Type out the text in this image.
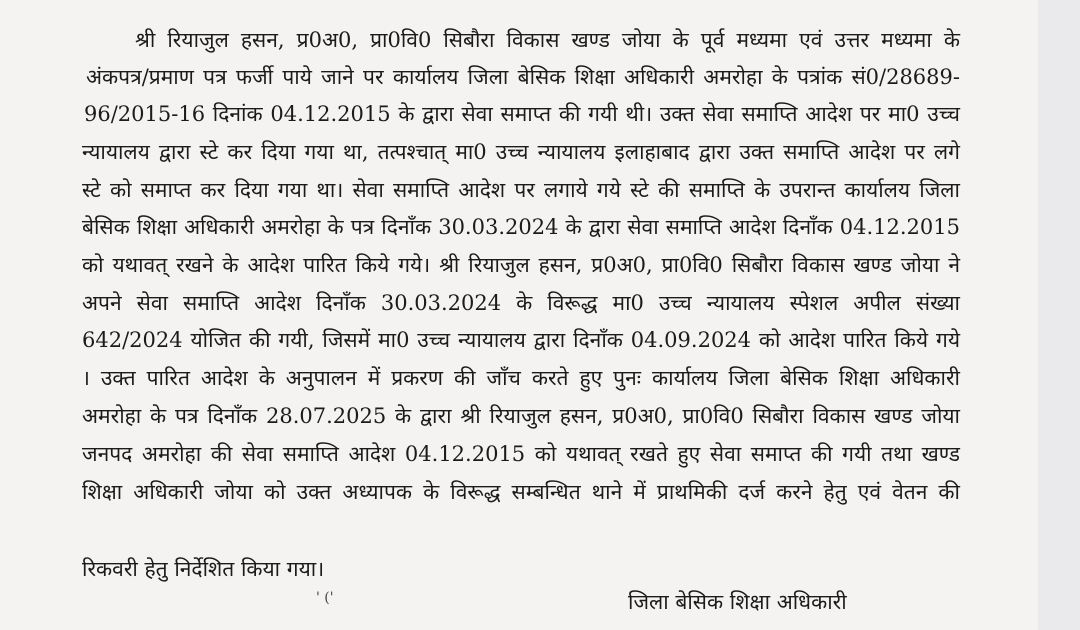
श्री रियाजुल हसन, प्र0अ0, प्रा0वि0 सिबौरा विकास खण्ड जोया के पूर्व मध्यमा एवं उत्तर मध्यमा के
अंकपत्र/प्रमाण पत्र फर्जी पाये जाने पर कार्यालय जिला बेसिक शिक्षा अधिकारी अमरोहा के पत्रांक सं0/28689-
96/2015-16 दिनांक 04.12.2015 के द्वारा सेवा समाप्त की गयी थी। उक्त सेवा समाप्ति आदेश पर मा0 उच्च
न्यायालय द्वारा स्टे कर दिया गया था, तत्पश्चात् मा0 उच्च न्यायालय इलाहाबाद द्वारा उक्त समाप्ति आदेश पर लगे
स्टे को समाप्त कर दिया गया था। सेवा समाप्ति आदेश पर लगाये गये स्टे की समाप्ति के उपरान्त कार्यालय जिला
बेसिक शिक्षा अधिकारी अमरोहा के पत्र दिनाँक 30.03.2024 के द्वारा सेवा समाप्ति आदेश दिनाँक 04.12.2015
को यथावत् रखने के आदेश पारित किये गये। श्री रियाजुल हसन, प्र0अ0, प्रा0वि0 सिबौरा विकास खण्ड जोया ने
अपने सेवा समाप्ति आदेश दिनाँक 30.03.2024 के विरूद्ध मा0 उच्च न्यायालय स्पेशल अपील संख्या
642/2024 योजित की गयी, जिसमें मा0 उच्च न्यायालय द्वारा दिनाँक 04.09.2024 को आदेश पारित किये गये
। उक्त पारित आदेश के अनुपालन में प्रकरण की जाँच करते हुए पुनः कार्यालय जिला बेसिक शिक्षा अधिकारी
अमरोहा के पत्र दिनाँक 28.07.2025 के द्वारा श्री रियाजुल हसन, प्र0अ0, प्रा0वि0 सिबौरा विकास खण्ड जोया
जनपद अमरोहा की सेवा समाप्ति आदेश 04.12.2015 को यथावत् रखते हुए सेवा समाप्त की गयी तथा खण्ड
शिक्षा अधिकारी जोया को उक्त अध्यापक के विरूद्ध सम्बन्धित थाने में प्राथमिकी दर्ज करने हेतु एवं वेतन की
रिकवरी हेतु निर्देशित किया गया।
' ('	जिला बेसिक शिक्षा अधिकारी
